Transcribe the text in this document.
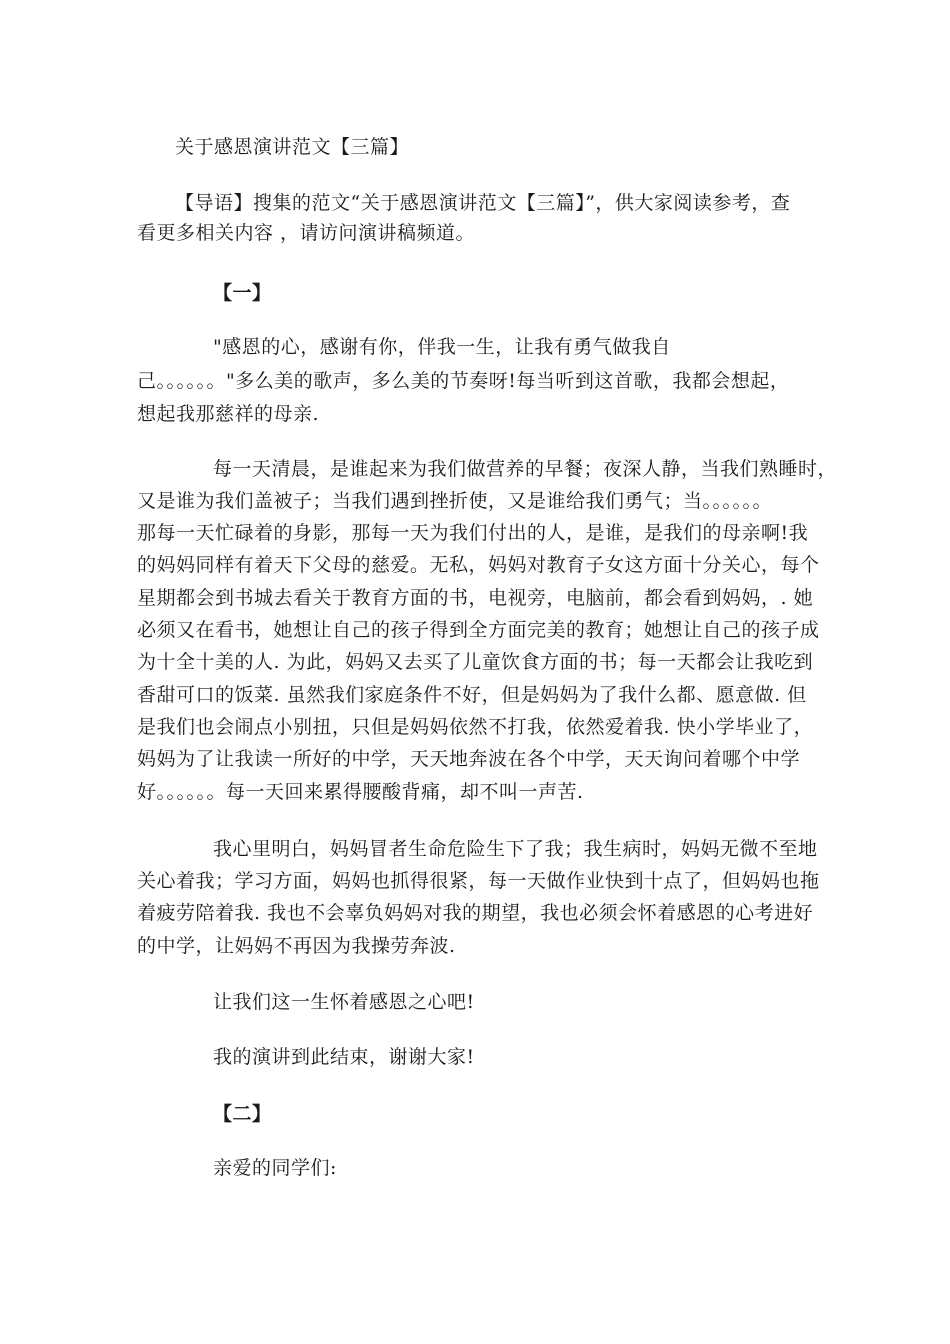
关于感恩演讲范文【三篇】
【导语】搜集的范文“关于感恩演讲范文【三篇】”，供大家阅读参考，查
看更多相关内容 ，请访问演讲稿频道。
【一】
"感恩的心，感谢有你，伴我一生，让我有勇气做我自
己。。。。。。"多么美的歌声，多么美的节奏呀!每当听到这首歌，我都会想起，
想起我那慈祥的母亲.
每一天清晨，是谁起来为我们做营养的早餐；夜深人静，当我们熟睡时，
又是谁为我们盖被子；当我们遇到挫折使，又是谁给我们勇气；当。。。。。。
那每一天忙碌着的身影，那每一天为我们付出的人，是谁，是我们的母亲啊!我
的妈妈同样有着天下父母的慈爱。无私，妈妈对教育子女这方面十分关心，每个
星期都会到书城去看关于教育方面的书，电视旁，电脑前，都会看到妈妈，. 她
必须又在看书，她想让自己的孩子得到全方面完美的教育；她想让自己的孩子成
为十全十美的人. 为此，妈妈又去买了儿童饮食方面的书；每一天都会让我吃到
香甜可口的饭菜. 虽然我们家庭条件不好，但是妈妈为了我什么都、愿意做. 但
是我们也会闹点小别扭，只但是妈妈依然不打我，依然爱着我. 快小学毕业了，
妈妈为了让我读一所好的中学，天天地奔波在各个中学，天天询问着哪个中学
好。。。。。。每一天回来累得腰酸背痛，却不叫一声苦.
我心里明白，妈妈冒者生命危险生下了我；我生病时，妈妈无微不至地
关心着我；学习方面，妈妈也抓得很紧，每一天做作业快到十点了，但妈妈也拖
着疲劳陪着我. 我也不会辜负妈妈对我的期望，我也必须会怀着感恩的心考进好
的中学，让妈妈不再因为我操劳奔波.
让我们这一生怀着感恩之心吧!
我的演讲到此结束，谢谢大家!
【二】
亲爱的同学们:
